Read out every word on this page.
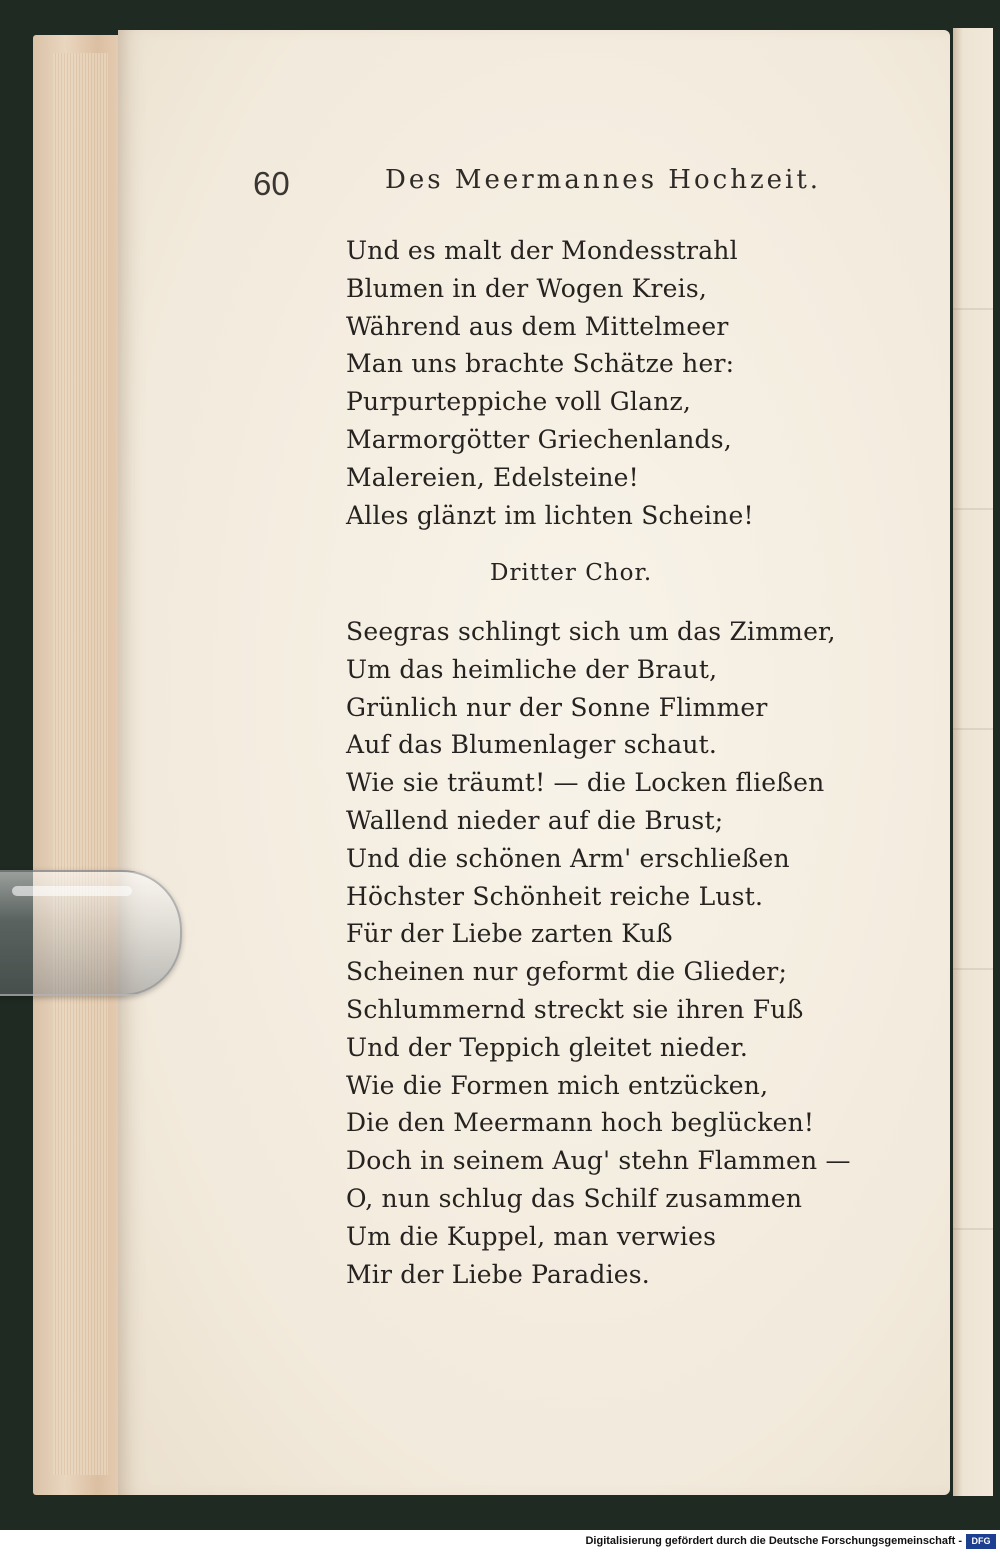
60	Des Meermannes Hochzeit.
Und es malt der Mondesstrahl
Blumen in der Wogen Kreis,
Während aus dem Mittelmeer
Man uns brachte Schätze her:
Purpurteppiche voll Glanz,
Marmorgötter Griechenlands,
Malereien, Edelsteine!
Alles glänzt im lichten Scheine!
Dritter Chor.
Seegras schlingt sich um das Zimmer,
Um das heimliche der Braut,
Grünlich nur der Sonne Flimmer
Auf das Blumenlager schaut.
Wie sie träumt! — die Locken fließen
Wallend nieder auf die Brust;
Und die schönen Arm' erschließen
Höchster Schönheit reiche Lust.
Für der Liebe zarten Kuß
Scheinen nur geformt die Glieder;
Schlummernd streckt sie ihren Fuß
Und der Teppich gleitet nieder.
Wie die Formen mich entzücken,
Die den Meermann hoch beglücken!
Doch in seinem Aug' stehn Flammen —
O, nun schlug das Schilf zusammen
Um die Kuppel, man verwies
Mir der Liebe Paradies.
Digitalisierung gefördert durch die Deutsche Forschungsgemeinschaft -	DFG
